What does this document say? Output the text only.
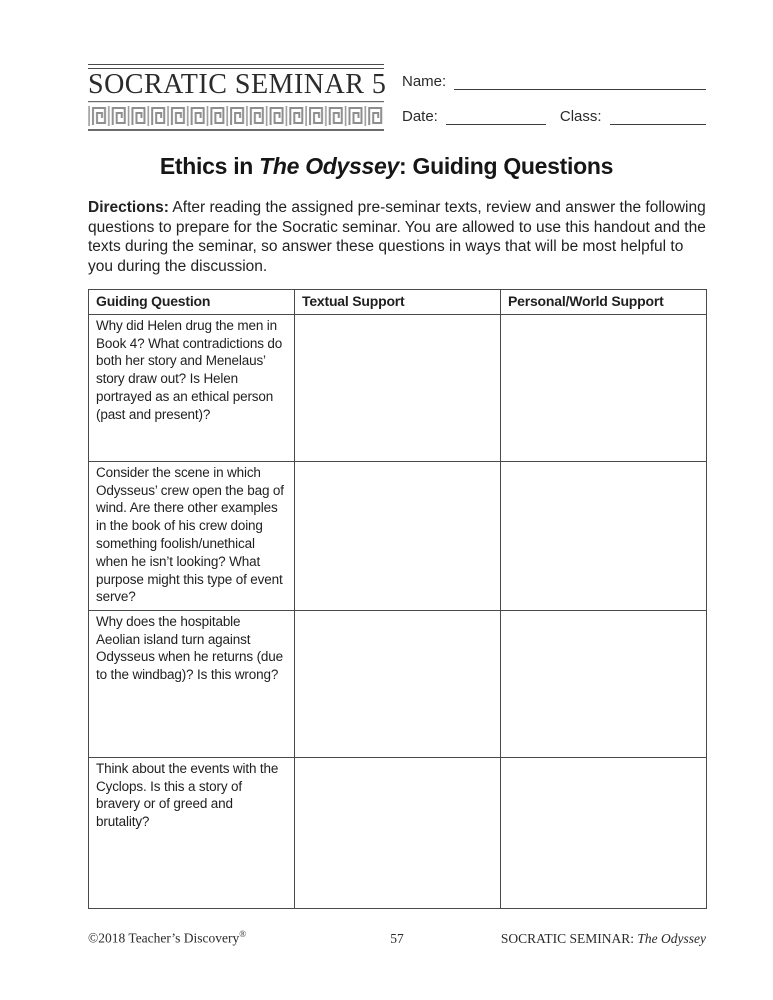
SOCRATIC SEMINAR 5 Name:
Date:	Class:
Ethics in The Odyssey: Guiding Questions
Directions: After reading the assigned pre-seminar texts, review and answer the following questions to prepare for the Socratic seminar. You are allowed to use this handout and the texts during the seminar, so answer these questions in ways that will be most helpful to you during the discussion.
Guiding Question	Textual Support	Personal/World Support
Why did Helen drug the men in Book 4? What contradictions do both her story and Menelaus’ story draw out? Is Helen portrayed as an ethical person (past and present)?		
Consider the scene in which Odysseus’ crew open the bag of wind. Are there other examples in the book of his crew doing something foolish/unethical when he isn’t looking? What purpose might this type of event serve?		
Why does the hospitable Aeolian island turn against Odysseus when he returns (due to the windbag)? Is this wrong?		
Think about the events with the Cyclops. Is this a story of bravery or of greed and brutality?		
©2018 Teacher’s Discovery®	57	SOCRATIC SEMINAR: The Odyssey
